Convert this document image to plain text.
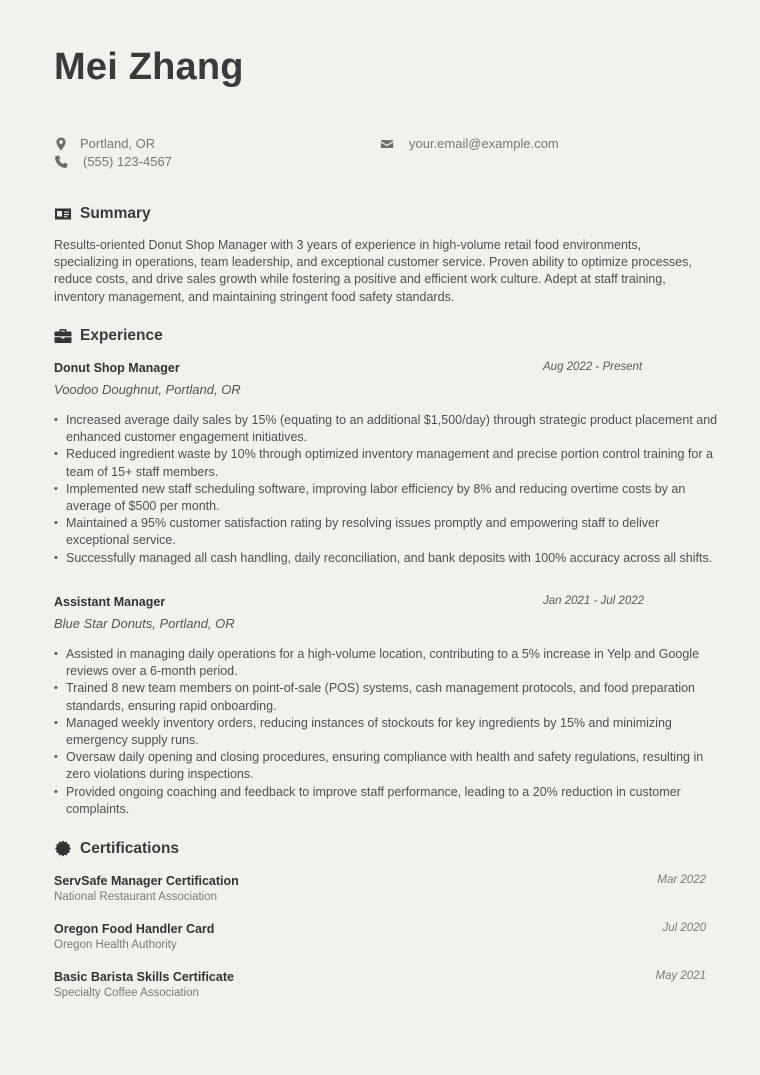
Mei Zhang
Portland, OR
(555) 123-4567
your.email@example.com
Summary

Results-oriented Donut Shop Manager with 3 years of experience in high-volume retail food environments, specializing in operations, team leadership, and exceptional customer service. Proven ability to optimize processes, reduce costs, and drive sales growth while fostering a positive and efficient work culture. Adept at staff training, inventory management, and maintaining stringent food safety standards.

Experience
Donut Shop Manager	Aug 2022 - Present
Voodoo Doughnut, Portland, OR
• Increased average daily sales by 15% (equating to an additional $1,500/day) through strategic product placement and enhanced customer engagement initiatives.
• Reduced ingredient waste by 10% through optimized inventory management and precise portion control training for a team of 15+ staff members.
• Implemented new staff scheduling software, improving labor efficiency by 8% and reducing overtime costs by an average of $500 per month.
• Maintained a 95% customer satisfaction rating by resolving issues promptly and empowering staff to deliver exceptional service.
• Successfully managed all cash handling, daily reconciliation, and bank deposits with 100% accuracy across all shifts.
Assistant Manager	Jan 2021 - Jul 2022
Blue Star Donuts, Portland, OR
• Assisted in managing daily operations for a high-volume location, contributing to a 5% increase in Yelp and Google reviews over a 6-month period.
• Trained 8 new team members on point-of-sale (POS) systems, cash management protocols, and food preparation standards, ensuring rapid onboarding.
• Managed weekly inventory orders, reducing instances of stockouts for key ingredients by 15% and minimizing emergency supply runs.
• Oversaw daily opening and closing procedures, ensuring compliance with health and safety regulations, resulting in zero violations during inspections.
• Provided ongoing coaching and feedback to improve staff performance, leading to a 20% reduction in customer complaints.
Certifications
ServSafe Manager Certification	Mar 2022
National Restaurant Association
Oregon Food Handler Card	Jul 2020
Oregon Health Authority
Basic Barista Skills Certificate	May 2021
Specialty Coffee Association
